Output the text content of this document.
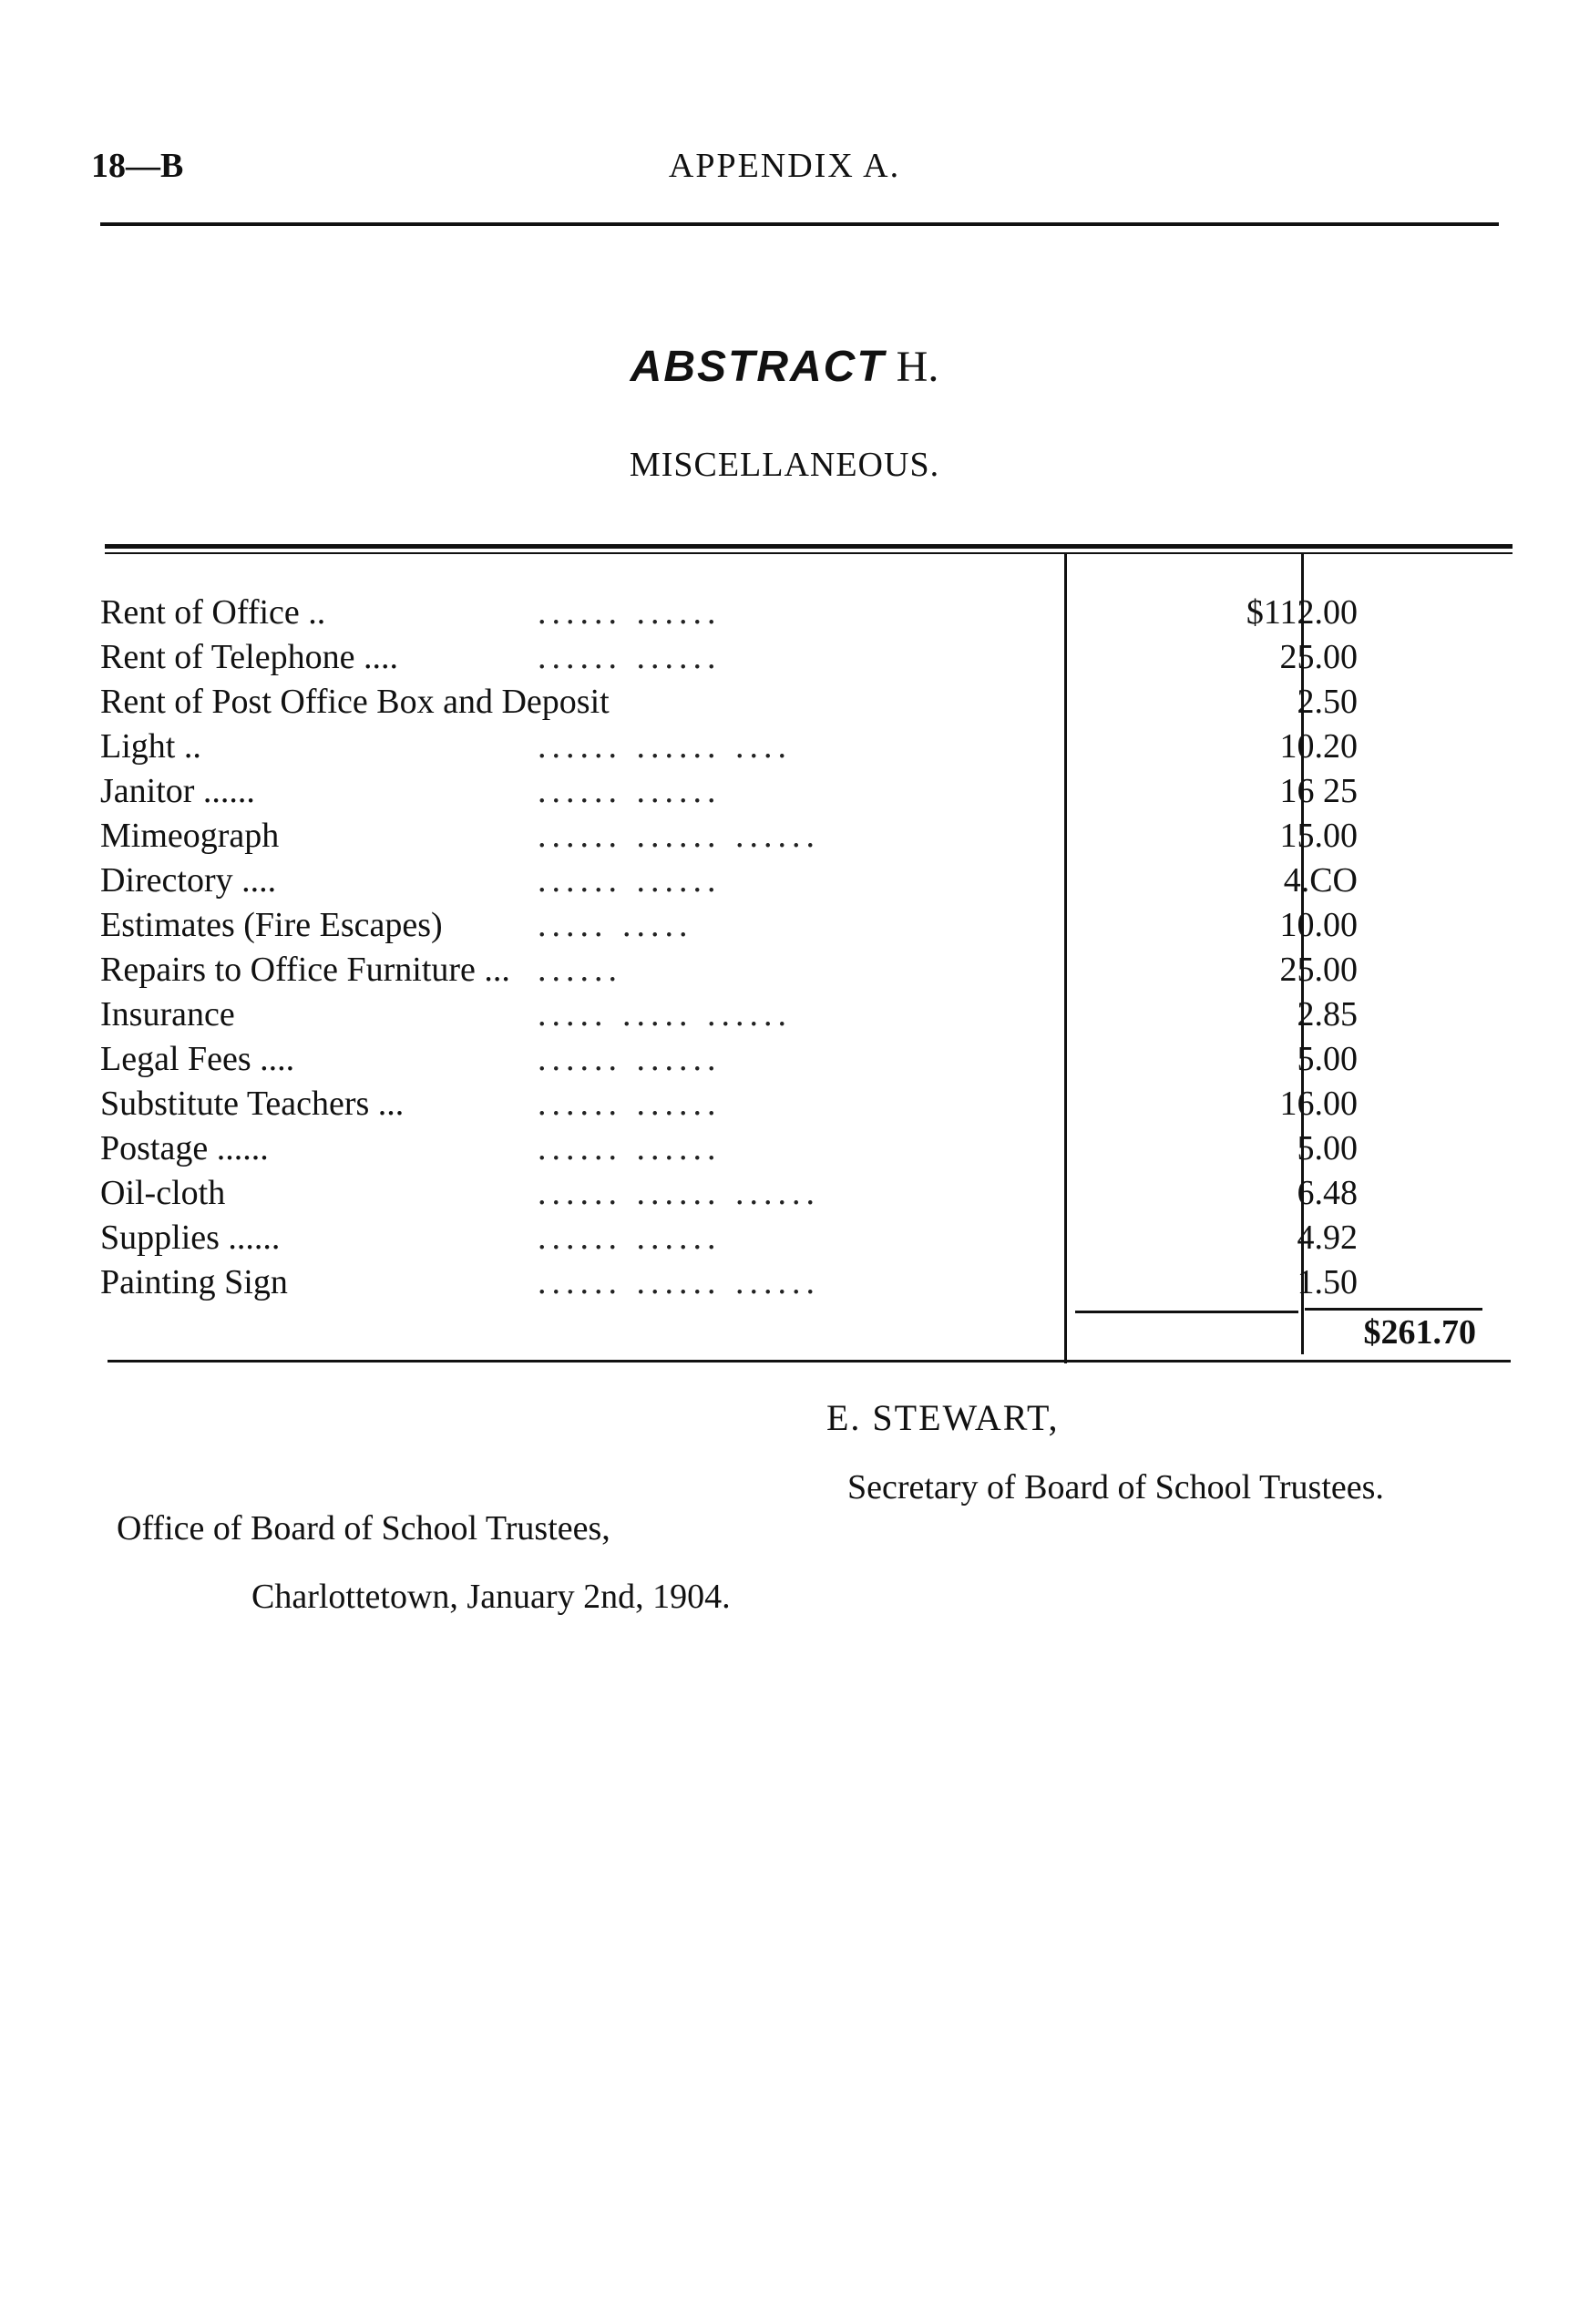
18—B	APPENDIX A.
ABSTRACT H.
MISCELLANEOUS.
Rent of Office ..	...... ......	$112.00
Rent of Telephone ....	...... ......	25.00
Rent of Post Office Box and Deposit	2.50
Light ..	...... ...... ....	10.20
Janitor ......	...... ......	16 25
Mimeograph	...... ...... ......	15.00
Directory ....	...... ......	4.CO
Estimates (Fire Escapes)	..... .....	10.00
Repairs to Office Furniture ... ......	25.00
Insurance	..... ..... ......	2.85
Legal Fees ....	...... ......	5.00
Substitute Teachers ...	...... ......	16.00
Postage ......	...... ......	5.00
Oil-cloth	...... ...... ......	6.48
Supplies ......	...... ......	4.92
Painting Sign	...... ...... ......	1.50
$261.70
E. STEWART,
Secretary of Board of School Trustees.
Office of Board of School Trustees,
Charlottetown, January 2nd, 1904.
